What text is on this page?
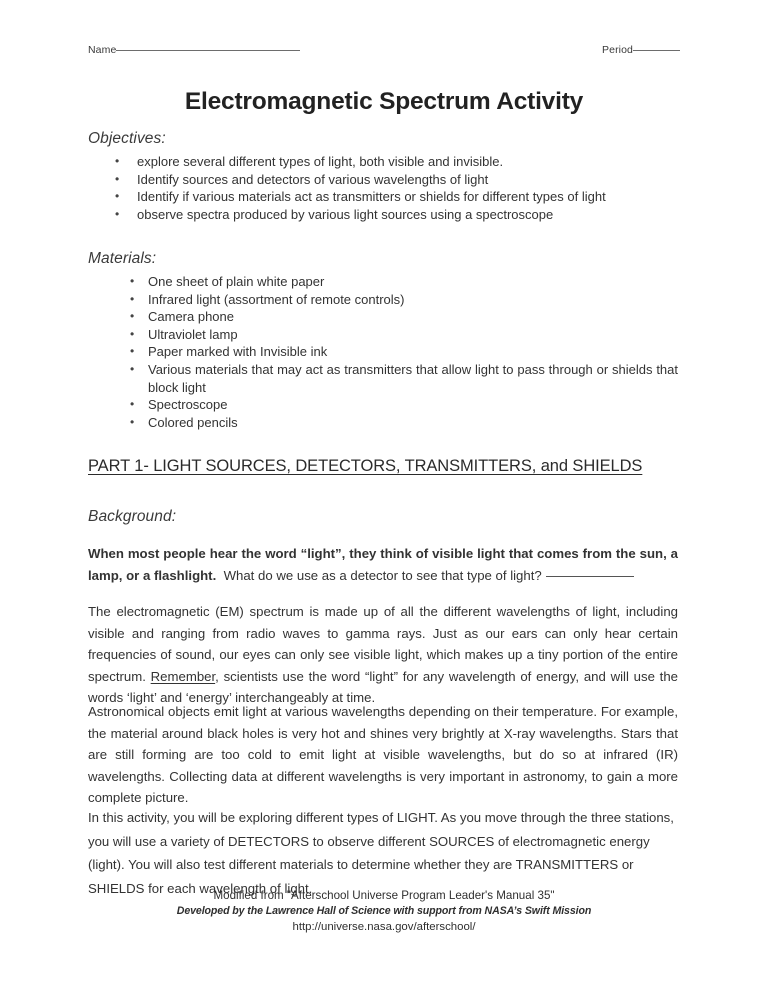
Name	Period
Electromagnetic Spectrum Activity
Objectives:
• explore several different types of light, both visible and invisible.
• Identify sources and detectors of various wavelengths of light
• Identify if various materials act as transmitters or shields for different types of light
• observe spectra produced by various light sources using a spectroscope
Materials:
• One sheet of plain white paper
• Infrared light (assortment of remote controls)
• Camera phone
• Ultraviolet lamp
• Paper marked with Invisible ink
• Various materials that may act as transmitters that allow light to pass through or shields that block light
• Spectroscope
• Colored pencils
PART 1- LIGHT SOURCES, DETECTORS, TRANSMITTERS, and SHIELDS
Background:

When most people hear the word “light”, they think of visible light that comes from the sun, a lamp, or a flashlight. What do we use as a detector to see that type of light?

The electromagnetic (EM) spectrum is made up of all the different wavelengths of light, including visible and ranging from radio waves to gamma rays. Just as our ears can only hear certain frequencies of sound, our eyes can only see visible light, which makes up a tiny portion of the entire spectrum. Remember, scientists use the word “light” for any wavelength of energy, and will use the words ‘light’ and ‘energy’ interchangeably at time.

Astronomical objects emit light at various wavelengths depending on their temperature. For example, the material around black holes is very hot and shines very brightly at X-ray wavelengths. Stars that are still forming are too cold to emit light at visible wavelengths, but do so at infrared (IR) wavelengths. Collecting data at different wavelengths is very important in astronomy, to gain a more complete picture.

In this activity, you will be exploring different types of LIGHT. As you move through the three stations, you will use a variety of DETECTORS to observe different SOURCES of electromagnetic energy (light). You will also test different materials to determine whether they are TRANSMITTERS or SHIELDS for each wavelength of light.

Modified from "Afterschool Universe Program Leader's Manual 35"
Developed by the Lawrence Hall of Science with support from NASA’s Swift Mission
http://universe.nasa.gov/afterschool/
